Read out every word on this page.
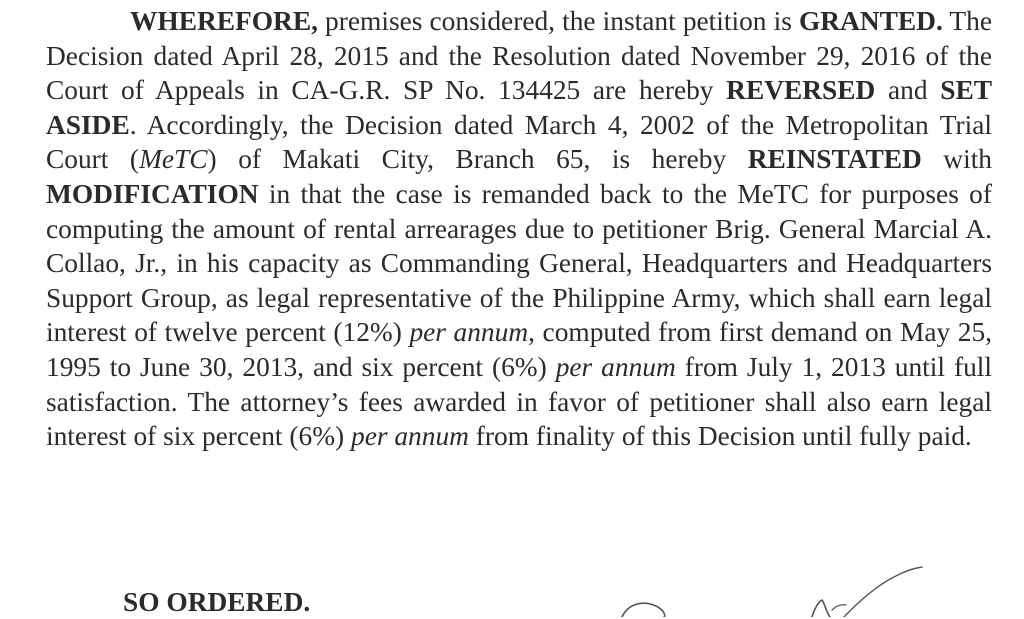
WHEREFORE, premises considered, the instant petition is GRANTED. The Decision dated April 28, 2015 and the Resolution dated November 29, 2016 of the Court of Appeals in CA-G.R. SP No. 134425 are hereby REVERSED and SET ASIDE. Accordingly, the Decision dated March 4, 2002 of the Metropolitan Trial Court (MeTC) of Makati City, Branch 65, is hereby REINSTATED with MODIFICATION in that the case is remanded back to the MeTC for purposes of computing the amount of rental arrearages due to petitioner Brig. General Marcial A. Collao, Jr., in his capacity as Commanding General, Headquarters and Headquarters Support Group, as legal representative of the Philippine Army, which shall earn legal interest of twelve percent (12%) per annum, computed from first demand on May 25, 1995 to June 30, 2013, and six percent (6%) per annum from July 1, 2013 until full satisfaction. The attorney’s fees awarded in favor of petitioner shall also earn legal interest of six percent (6%) per annum from finality of this Decision until fully paid.

SO ORDERED.
